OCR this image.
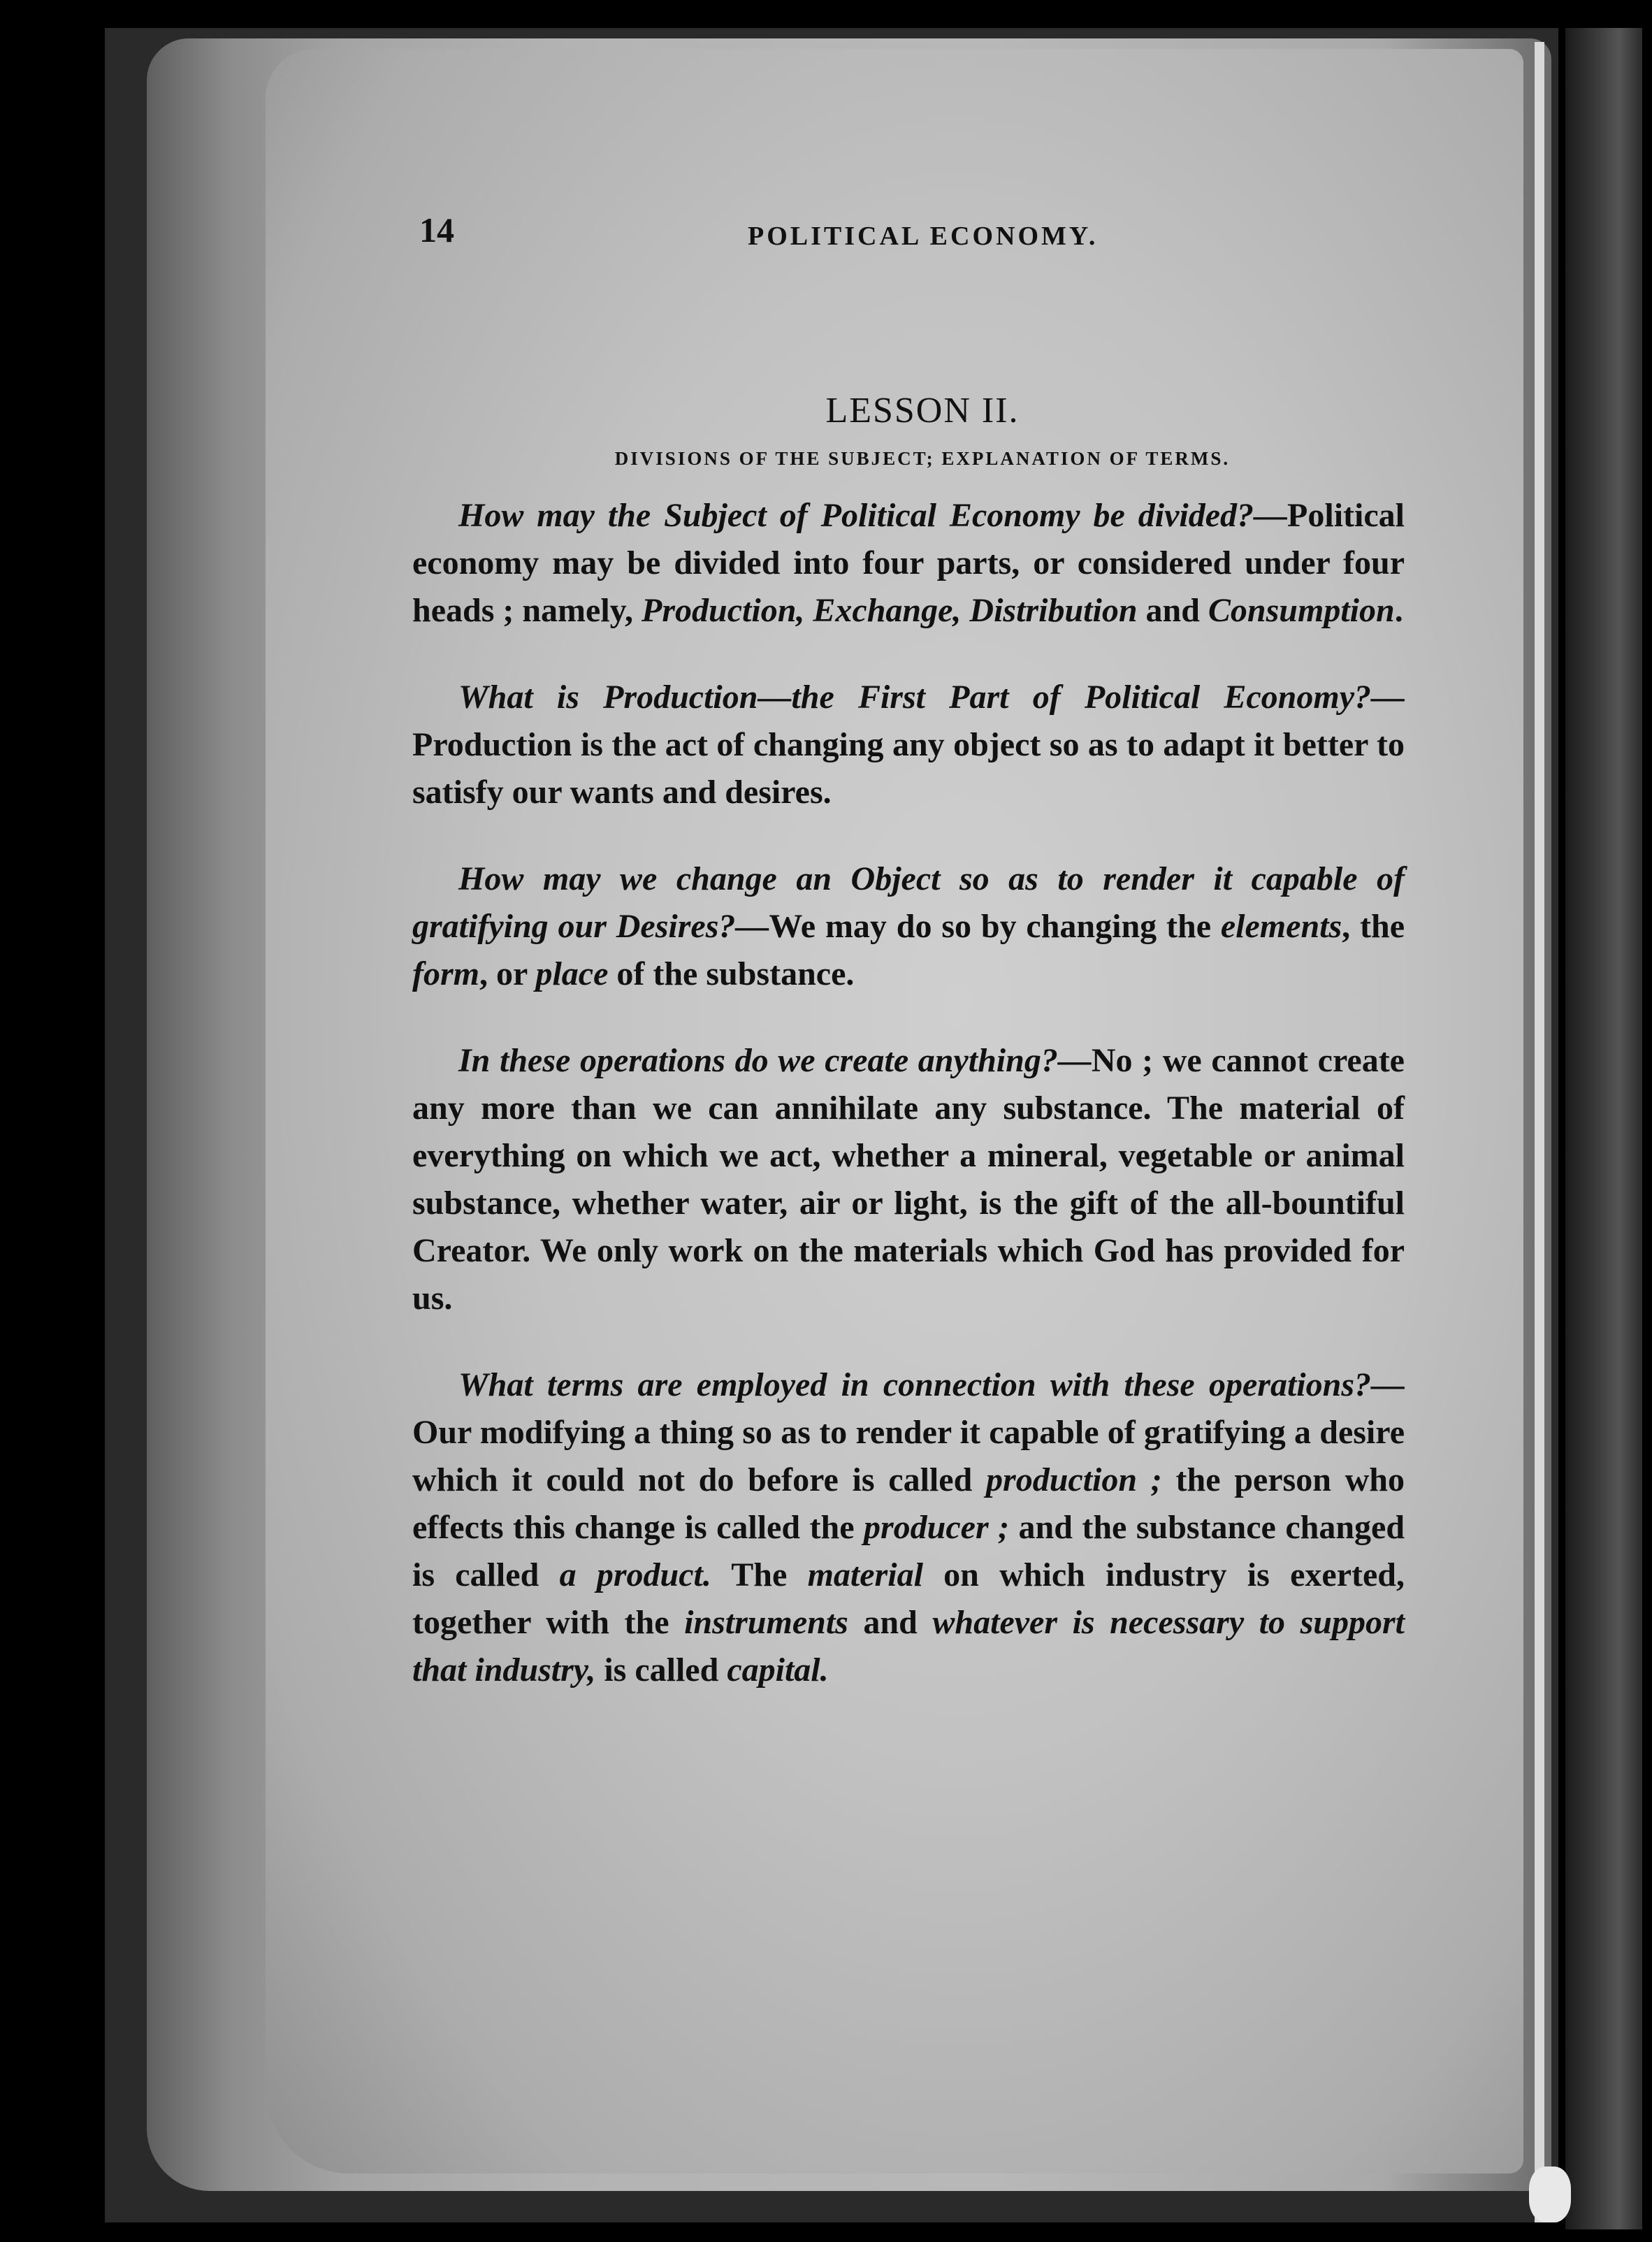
14	POLITICAL ECONOMY.
LESSON II.
DIVISIONS OF THE SUBJECT; EXPLANATION OF TERMS.

How may the Subject of Political Economy be divided?—Political economy may be divided into four parts, or considered under four heads ; namely, Production, Exchange, Distribution and Consumption.

What is Production—the First Part of Political Economy?—Production is the act of changing any object so as to adapt it better to satisfy our wants and desires.

How may we change an Object so as to render it capable of gratifying our Desires?—We may do so by changing the elements, the form, or place of the substance.

In these operations do we create anything?—No ; we cannot create any more than we can annihilate any substance. The material of everything on which we act, whether a mineral, vegetable or animal substance, whether water, air or light, is the gift of the all-bountiful Creator. We only work on the materials which God has provided for us.

What terms are employed in connection with these operations?—Our modifying a thing so as to render it capable of gratifying a desire which it could not do before is called production ; the person who effects this change is called the producer ; and the substance changed is called a product. The material on which industry is exerted, together with the instruments and whatever is necessary to support that industry, is called capital.
